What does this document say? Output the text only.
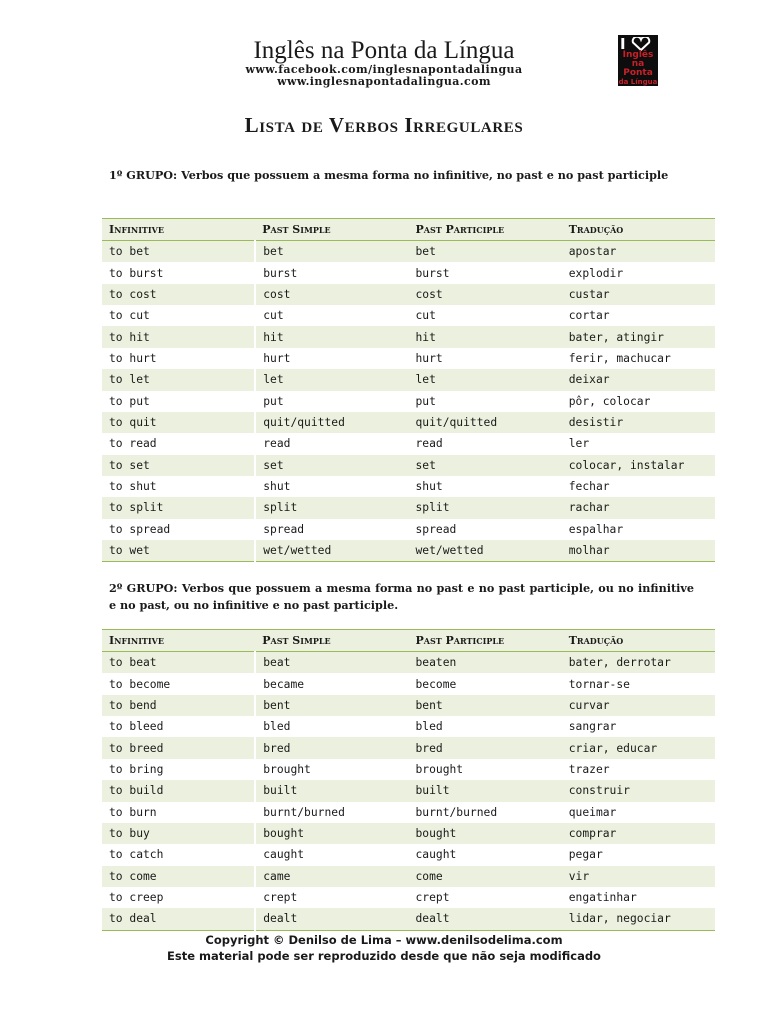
Inglês na Ponta da Língua
www.facebook.com/inglesnapontadalingua
www.inglesnapontadalingua.com
I
Inglês
na Ponta
da Língua
Lista de Verbos Irregulares
1º GRUPO: Verbos que possuem a mesma forma no infinitive, no past e no past participle
Infinitive	Past Simple	Past Participle	Tradução
to bet	bet	bet	apostar
to burst	burst	burst	explodir
to cost	cost	cost	custar
to cut	cut	cut	cortar
to hit	hit	hit	bater, atingir
to hurt	hurt	hurt	ferir, machucar
to let	let	let	deixar
to put	put	put	pôr, colocar
to quit	quit/quitted	quit/quitted	desistir
to read	read	read	ler
to set	set	set	colocar, instalar
to shut	shut	shut	fechar
to split	split	split	rachar
to spread	spread	spread	espalhar
to wet	wet/wetted	wet/wetted	molhar
2º GRUPO: Verbos que possuem a mesma forma no past e no past participle, ou no infinitive e no past, ou no infinitive e no past participle.
Infinitive	Past Simple	Past Participle	Tradução
to beat	beat	beaten	bater, derrotar
to become	became	become	tornar-se
to bend	bent	bent	curvar
to bleed	bled	bled	sangrar
to breed	bred	bred	criar, educar
to bring	brought	brought	trazer
to build	built	built	construir
to burn	burnt/burned	burnt/burned	queimar
to buy	bought	bought	comprar
to catch	caught	caught	pegar
to come	came	come	vir
to creep	crept	crept	engatinhar
to deal	dealt	dealt	lidar, negociar
Copyright © Denilso de Lima – www.denilsodelima.com
Este material pode ser reproduzido desde que não seja modificado
